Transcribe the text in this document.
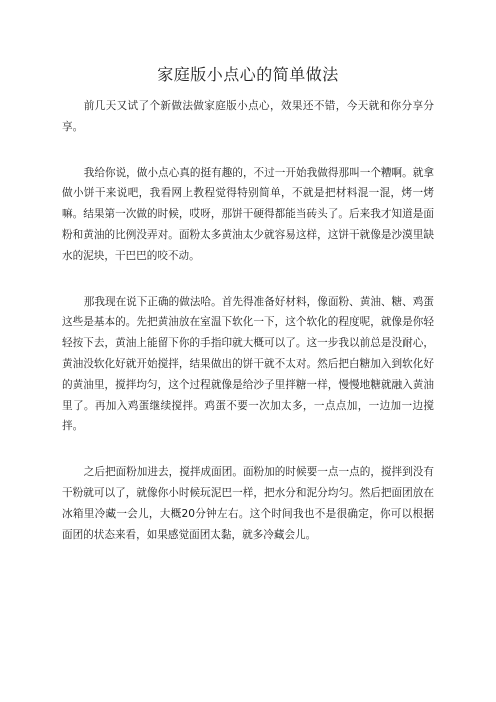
家庭版小点心的简单做法

前几天又试了个新做法做家庭版小点心，效果还不错，今天就和你分享分享。

我给你说，做小点心真的挺有趣的，不过一开始我做得那叫一个糟啊。就拿做小饼干来说吧，我看网上教程觉得特别简单，不就是把材料混一混，烤一烤嘛。结果第一次做的时候，哎呀，那饼干硬得都能当砖头了。后来我才知道是面粉和黄油的比例没弄对。面粉太多黄油太少就容易这样，这饼干就像是沙漠里缺水的泥块，干巴巴的咬不动。

那我现在说下正确的做法哈。首先得准备好材料，像面粉、黄油、糖、鸡蛋这些是基本的。先把黄油放在室温下软化一下，这个软化的程度呢，就像是你轻轻按下去，黄油上能留下你的手指印就大概可以了。这一步我以前总是没耐心，黄油没软化好就开始搅拌，结果做出的饼干就不太对。然后把白糖加入到软化好的黄油里，搅拌均匀，这个过程就像是给沙子里拌糖一样，慢慢地糖就融入黄油里了。再加入鸡蛋继续搅拌。鸡蛋不要一次加太多，一点点加，一边加一边搅拌。

之后把面粉加进去，搅拌成面团。面粉加的时候要一点一点的，搅拌到没有干粉就可以了，就像你小时候玩泥巴一样，把水分和泥分均匀。然后把面团放在冰箱里冷藏一会儿，大概20分钟左右。这个时间我也不是很确定，你可以根据面团的状态来看，如果感觉面团太黏，就多冷藏会儿。
